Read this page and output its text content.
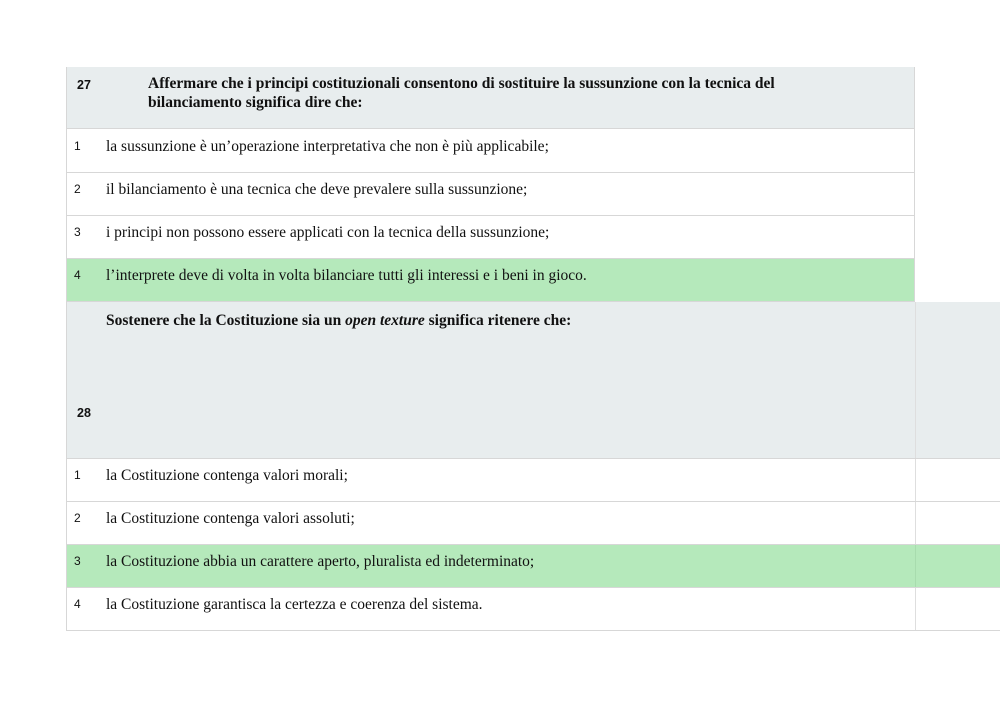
—
27	Affermare che i principi costituzionali consentono di sostituire la sussunzione con la tecnica del bilanciamento significa dire che:
1 la sussunzione è un’operazione interpretativa che non è più applicabile;
2 il bilanciamento è una tecnica che deve prevalere sulla sussunzione;
3 i principi non possono essere applicati con la tecnica della sussunzione;
4 l’interprete deve di volta in volta bilanciare tutti gli interessi e i beni in gioco.
Sostenere che la Costituzione sia un open texture significa ritenere che:
28
1 la Costituzione contenga valori morali;
2 la Costituzione contenga valori assoluti;
3 la Costituzione abbia un carattere aperto, pluralista ed indeterminato;
4 la Costituzione garantisca la certezza e coerenza del sistema.
